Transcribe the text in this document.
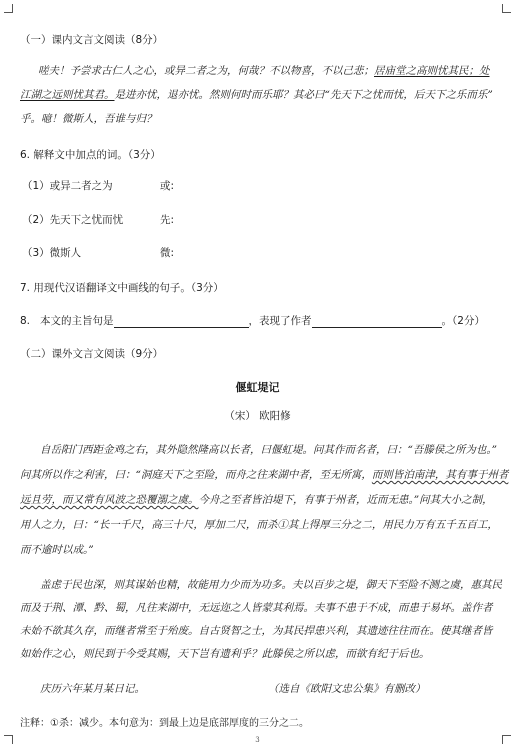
（一）课内文言文阅读（8分）
嗟夫！予尝求古仁人之心，或异二者之为，何哉？不以物喜，不以己悲；居庙堂之高则忧其民；处
江湖之远则忧其君。是进亦忧，退亦忧。然则何时而乐耶？其必曰“先天下之忧而忧，后天下之乐而乐”
乎。噫！微斯人，吾谁与归？
6. 解释文中加点的词。（3分）
（1）或异二者之为	或:
（2）先天下之忧而忧	先:
（3）微斯人	微:
7. 用现代汉语翻译文中画线的句子。（3分）
8. 本文的主旨句是	，表现了作者	。（2分）
（二）课外文言文阅读（9分）
偃虹堤记
（宋） 欧阳修
自岳阳门西距金鸡之右，其外隐然隆高以长者，曰偃虹堤。问其作而名者，曰：“吾滕侯之所为也。”
问其所以作之利害，曰：“洞庭天下之至险，而舟之往来湖中者，至无所寓，而则皆泊南津，其有事于州者
远且劳，而又常有风波之恐覆溺之虞。今舟之至者皆泊堤下，有事于州者，近而无患。”问其大小之制，
用人之力，曰：“长一千尺，高三十尺，厚加二尺，而杀①其上得厚三分之二，用民力万有五千五百工，
而不逾时以成。”
盖虑于民也深，则其谋始也精，故能用力少而为功多。夫以百步之堤，御天下至险不测之虞，惠其民
而及于荆、潭、黔、蜀，凡往来湖中，无远迩之人皆蒙其利焉。夫事不患于不成，而患于易坏。盖作者
未始不欲其久存，而继者常至于殆废。自古贤智之士，为其民捍患兴利，其遗迹往往而在。使其继者皆
如始作之心，则民到于今受其赐，天下岂有遗利乎？此滕侯之所以虑，而欲有纪于后也。
庆历六年某月某日记。	（选自《欧阳文忠公集》有删改）
注释：①杀：减少。本句意为：到最上边是底部厚度的三分之二。
3
